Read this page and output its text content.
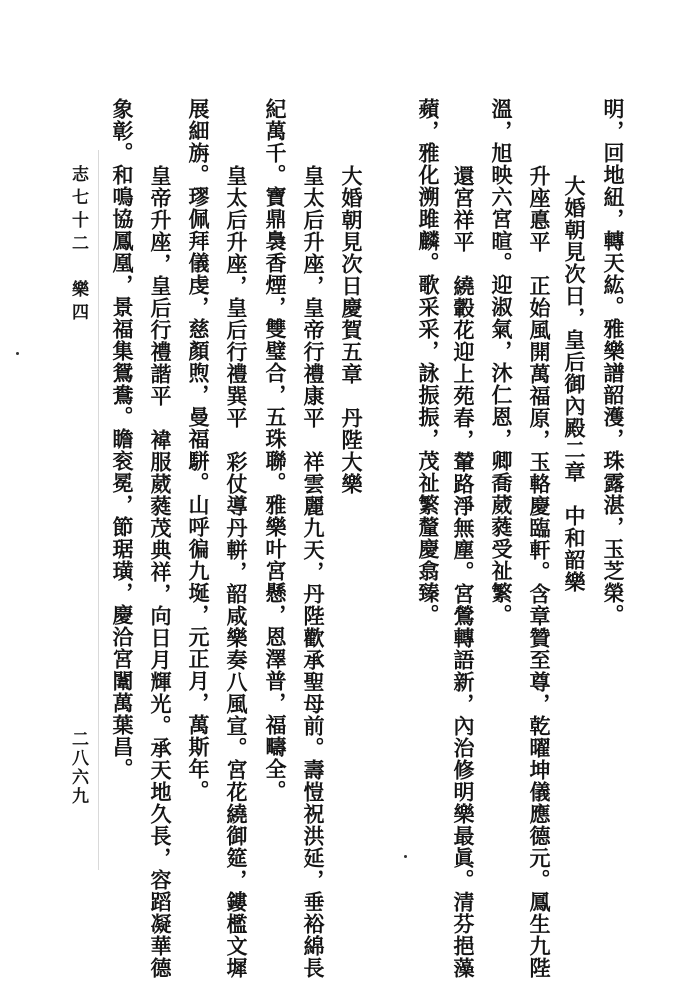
明，回地紐，轉天紘。雅樂譜韶濩，珠露湛，玉芝榮。
大婚朝見次日，皇后御內殿二章　中和韶樂
升座悳平　正始風開萬福原，玉輅慶臨軒。含章贊至尊，乾曜坤儀應德元。鳳生九陛
溫，旭映六宮暄。迎淑氣，沐仁恩，卿喬葳蕤受祉繁。
還宮祥平　繞轂花迎上苑春，輦路淨無塵。宮鶯轉語新，內治修明樂最眞。清芬挹藻
蘋，雅化溯雎麟。歌采采，詠振振，茂祉繁釐慶翕臻。
大婚朝見次日慶賀五章　丹陛大樂
皇太后升座，皇帝行禮康平　祥雲麗九天，丹陛歡承聖母前。壽愷祝洪延，垂裕綿長
紀萬千。寶鼎裊香煙，雙璧合，五珠聯。雅樂叶宮懸，恩澤普，福疇全。
皇太后升座，皇后行禮巽平　彩仗導丹軿，韶咸樂奏八風宣。宮花繞御筵，鏤檻文墀
展細旃。璆佩拜儀虔，慈顏煦，曼福駢。山呼徧九埏，元正月，萬斯年。
皇帝升座，皇后行禮諧平　褘服葳蕤茂典祥，向日月輝光。承天地久長，容蹈凝華德
象彰。和鳴協鳳凰，景福集鴛鴦。瞻衮冕，節琚璜，慶洽宮闈萬葉昌。
志七十二　樂四
二八六九
